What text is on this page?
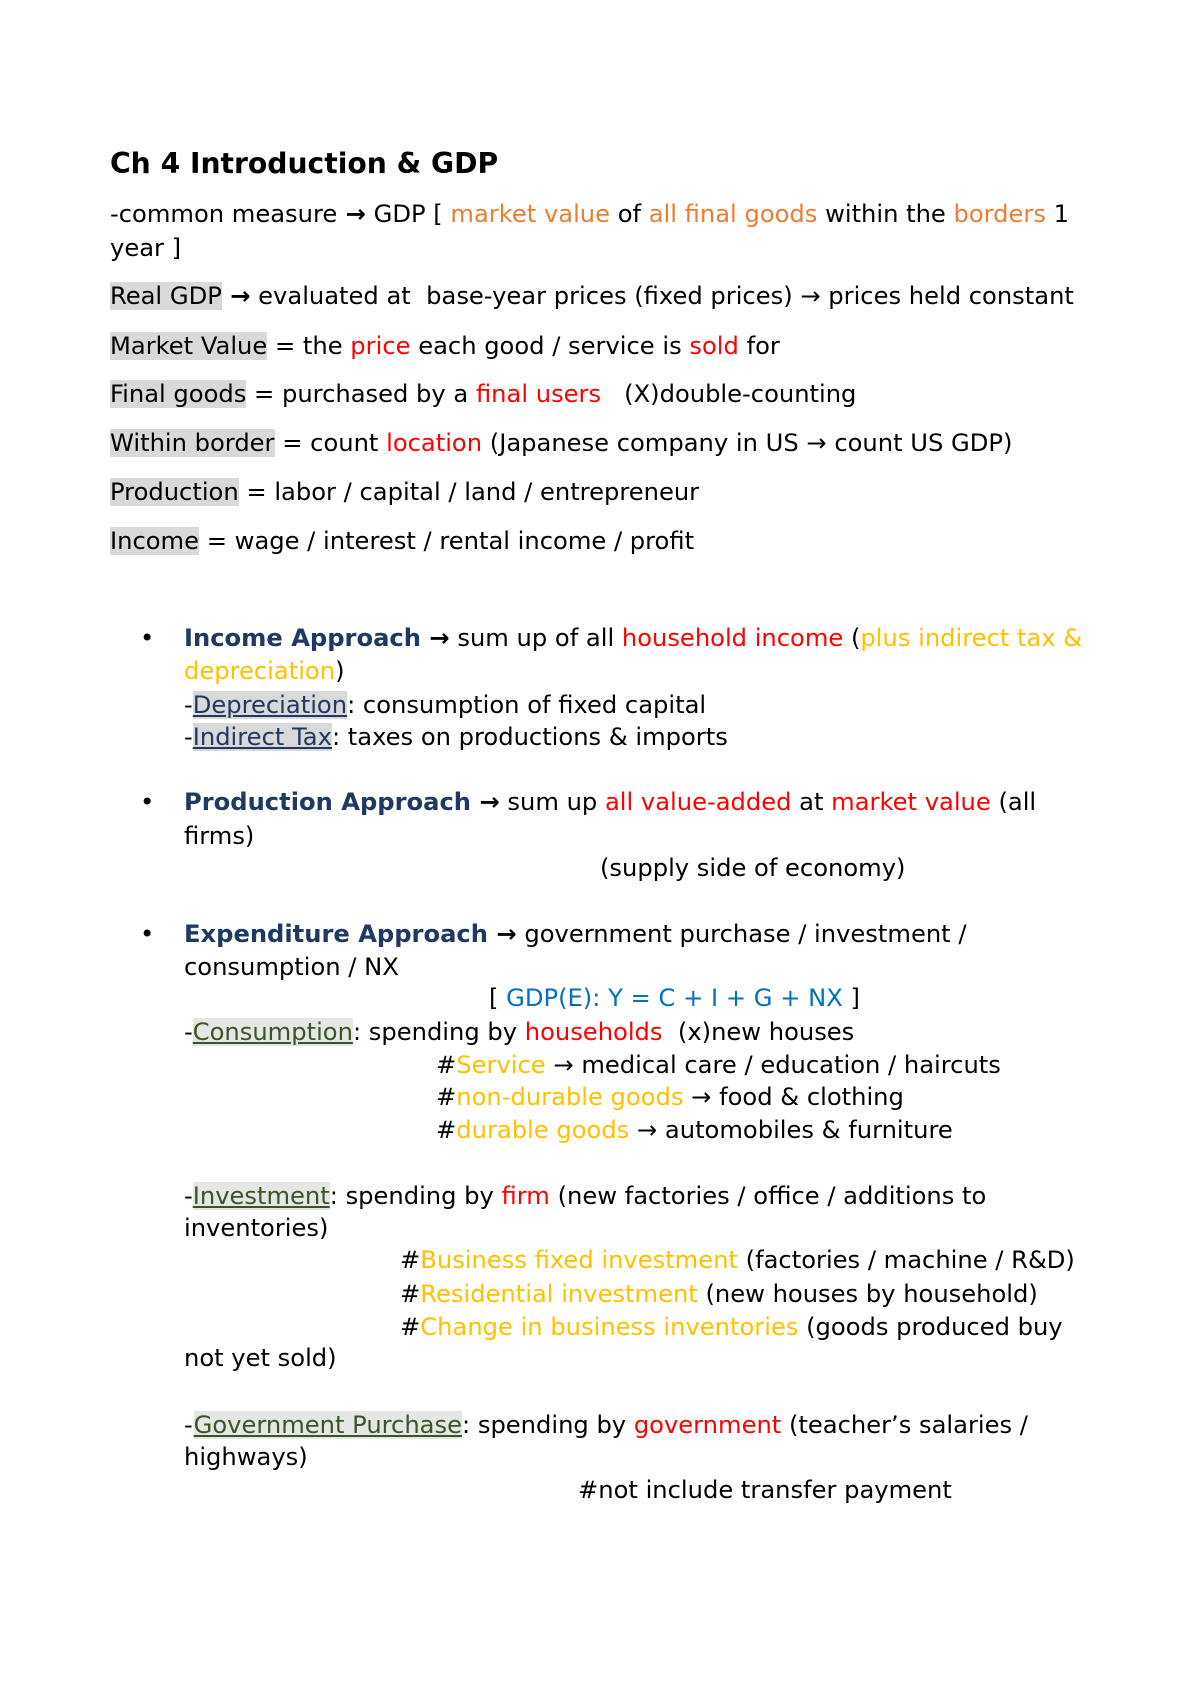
Ch 4 Introduction & GDP
-common measure → GDP [ market value of all final goods within the borders 1
year ]
Real GDP → evaluated at  base-year prices (fixed prices) → prices held constant
Market Value = the price each good / service is sold for
Final goods = purchased by a final users   (X)double-counting
Within border = count location (Japanese company in US → count US GDP)
Production = labor / capital / land / entrepreneur
Income = wage / interest / rental income / profit
• Income Approach → sum up of all household income (plus indirect tax &
depreciation)
-Depreciation: consumption of fixed capital
-Indirect Tax: taxes on productions & imports
• Production Approach → sum up all value-added at market value (all
firms)
(supply side of economy)
• Expenditure Approach → government purchase / investment /
consumption / NX
[ GDP(E): Y = C + I + G + NX ]
-Consumption: spending by households  (x)new houses
#Service → medical care / education / haircuts
#non-durable goods → food & clothing
#durable goods → automobiles & furniture
-Investment: spending by firm (new factories / office / additions to
inventories)
#Business fixed investment (factories / machine / R&D)
#Residential investment (new houses by household)
#Change in business inventories (goods produced buy
not yet sold)
-Government Purchase: spending by government (teacher’s salaries /
highways)
#not include transfer payment
